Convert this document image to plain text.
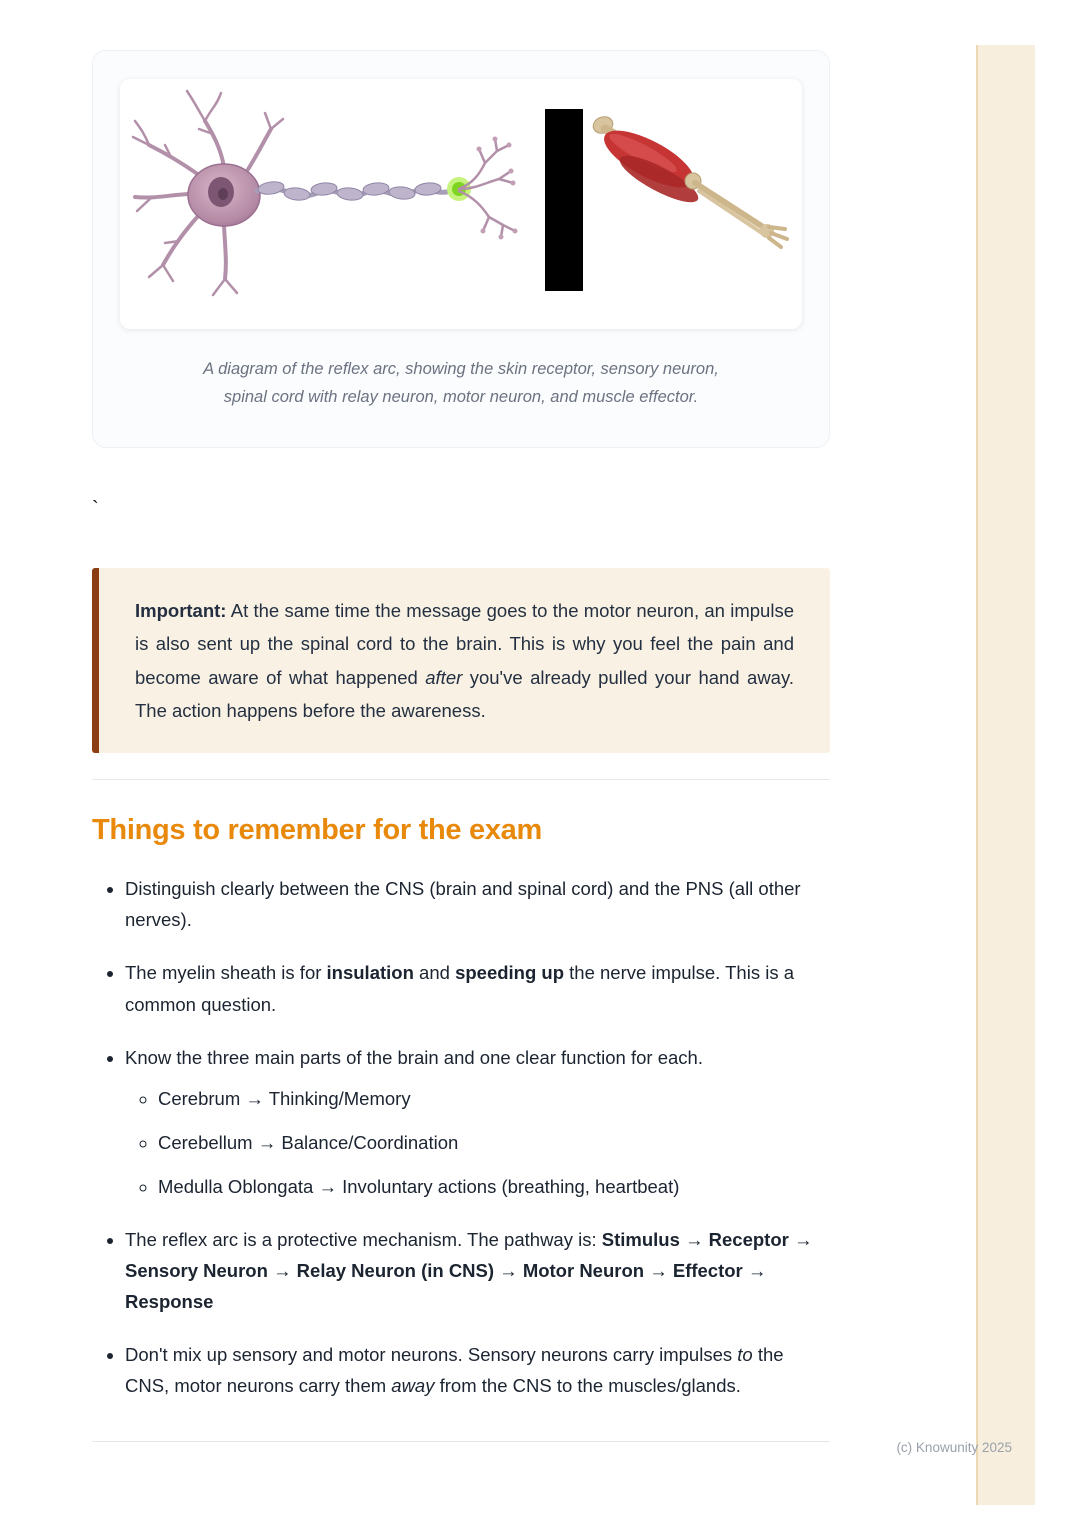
A diagram of the reflex arc, showing the skin receptor, sensory neuron,
spinal cord with relay neuron, motor neuron, and muscle effector.
`

Important: At the same time the message goes to the motor neuron, an impulse is also sent up the spinal cord to the brain. This is why you feel the pain and become aware of what happened after you've already pulled your hand away. The action happens before the awareness.

Things to remember for the exam
• Distinguish clearly between the CNS (brain and spinal cord) and the PNS (all other nerves).
• The myelin sheath is for insulation and speeding up the nerve impulse. This is a common question.
• Know the three main parts of the brain and one clear function for each.
◦ Cerebrum → Thinking/Memory
◦ Cerebellum → Balance/Coordination
◦ Medulla Oblongata → Involuntary actions (breathing, heartbeat)
• The reflex arc is a protective mechanism. The pathway is: Stimulus → Receptor → Sensory Neuron → Relay Neuron (in CNS) → Motor Neuron → Effector → Response
• Don't mix up sensory and motor neurons. Sensory neurons carry impulses to the CNS, motor neurons carry them away from the CNS to the muscles/glands.
(c) Knowunity 2025
